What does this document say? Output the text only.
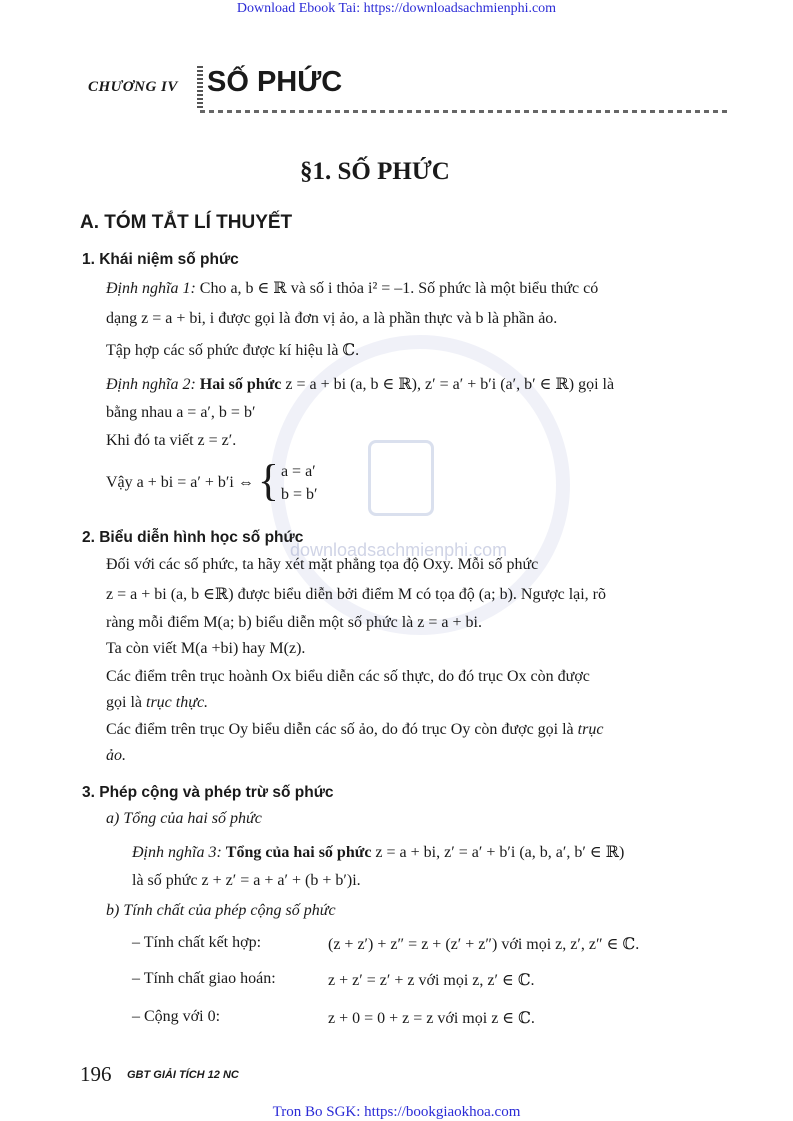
downloadsachmienphi.com
Download Ebook Tai: https://downloadsachmienphi.com
CHƯƠNG IV SỐ PHỨC
§1. SỐ PHỨC
A. TÓM TẮT LÍ THUYẾT
1. Khái niệm số phức
Định nghĩa 1: Cho a, b ∈ ℝ và số i thỏa i² = –1. Số phức là một biểu thức có
dạng z = a + bi, i được gọi là đơn vị ảo, a là phần thực và b là phần ảo.
Tập hợp các số phức được kí hiệu là ℂ.
Định nghĩa 2: Hai số phức z = a + bi (a, b ∈ ℝ), z′ = a′ + b′i (a′, b′ ∈ ℝ) gọi là
bằng nhau a = a′, b = b′
Khi đó ta viết z = z′.
Vậy a + bi = a′ + b′i ⇔ { a = a′
b = b′
2. Biểu diễn hình học số phức
Đối với các số phức, ta hãy xét mặt phẳng tọa độ Oxy. Mỗi số phức
z = a + bi (a, b ∈ℝ) được biểu diễn bởi điểm M có tọa độ (a; b). Ngược lại, rõ
ràng mỗi điểm M(a; b) biểu diễn một số phức là z = a + bi.
Ta còn viết M(a +bi) hay M(z).
Các điểm trên trục hoành Ox biểu diễn các số thực, do đó trục Ox còn được
gọi là trục thực.
Các điểm trên trục Oy biểu diễn các số ảo, do đó trục Oy còn được gọi là trục
ảo.
3. Phép cộng và phép trừ số phức
a) Tổng của hai số phức
Định nghĩa 3: Tổng của hai số phức z = a + bi, z′ = a′ + b′i (a, b, a′, b′ ∈ ℝ)
là số phức z + z′ = a + a′ + (b + b′)i.
b) Tính chất của phép cộng số phức
– Tính chất kết hợp:	(z + z′) + z″ = z + (z′ + z″) với mọi z, z′, z″ ∈ ℂ.
– Tính chất giao hoán:	z + z′ = z′ + z với mọi z, z′ ∈ ℂ.
– Cộng với 0:	z + 0 = 0 + z = z với mọi z ∈ ℂ.
196 GBT GIẢI TÍCH 12 NC
Tron Bo SGK: https://bookgiaokhoa.com
